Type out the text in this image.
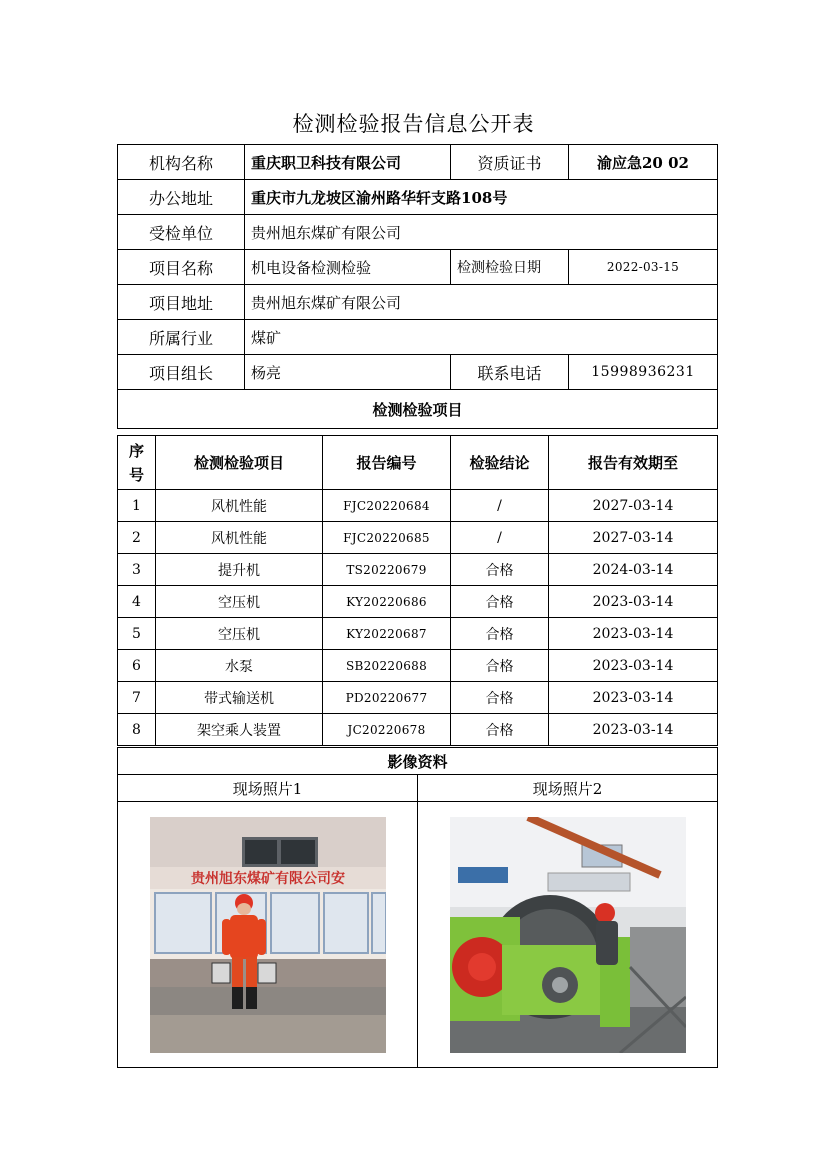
检测检验报告信息公开表
机构名称	重庆职卫科技有限公司	资质证书	渝应急20 02
办公地址	重庆市九龙坡区渝州路华轩支路108号		
受检单位	贵州旭东煤矿有限公司		
项目名称	机电设备检测检验	检测检验日期	2022-03-15
项目地址	贵州旭东煤矿有限公司		
所属行业	煤矿		
项目组长	杨亮	联系电话	15998936231
检测检验项目			
序号	检测检验项目	报告编号	检验结论	报告有效期至
1	风机性能	FJC20220684	/	2027-03-14
2	风机性能	FJC20220685	/	2027-03-14
3	提升机	TS20220679	合格	2024-03-14
4	空压机	KY20220686	合格	2023-03-14
5	空压机	KY20220687	合格	2023-03-14
6	水泵	SB20220688	合格	2023-03-14
7	带式输送机	PD20220677	合格	2023-03-14
8	架空乘人装置	JC20220678	合格	2023-03-14
影像资料	
现场照片1	现场照片2

贵州旭东煤矿有限公司安
